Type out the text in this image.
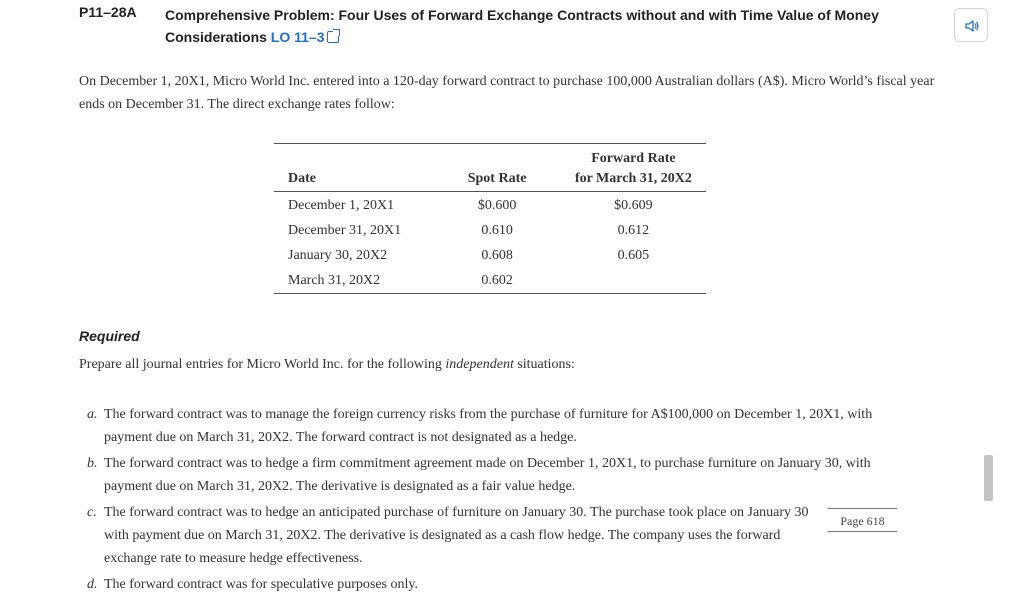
P11–28A Comprehensive Problem: Four Uses of Forward Exchange Contracts without and with Time Value of Money Considerations LO 11–3
On December 1, 20X1, Micro World Inc. entered into a 120-day forward contract to purchase 100,000 Australian dollars (A$). Micro World’s fiscal year ends on December 31. The direct exchange rates follow:
		Forward Rate
Date	Spot Rate	for March 31, 20X2
December 1, 20X1	$0.600	$0.609
December 31, 20X1	0.610	0.612
January 30, 20X2	0.608	0.605
March 31, 20X2	0.602	
Required
Prepare all journal entries for Micro World Inc. for the following independent situations:
a. The forward contract was to manage the foreign currency risks from the purchase of furniture for A$100,000 on December 1, 20X1, with payment due on March 31, 20X2. The forward contract is not designated as a hedge.
b. The forward contract was to hedge a firm commitment agreement made on December 1, 20X1, to purchase furniture on January 30, with payment due on March 31, 20X2. The derivative is designated as a fair value hedge.
c. The forward contract was to hedge an anticipated purchase of furniture on January 30. The purchase took place on January 30 with payment due on March 31, 20X2. The derivative is designated as a cash flow hedge. The company uses the forward exchange rate to measure hedge effectiveness.
d. The forward contract was for speculative purposes only.
Page 618
